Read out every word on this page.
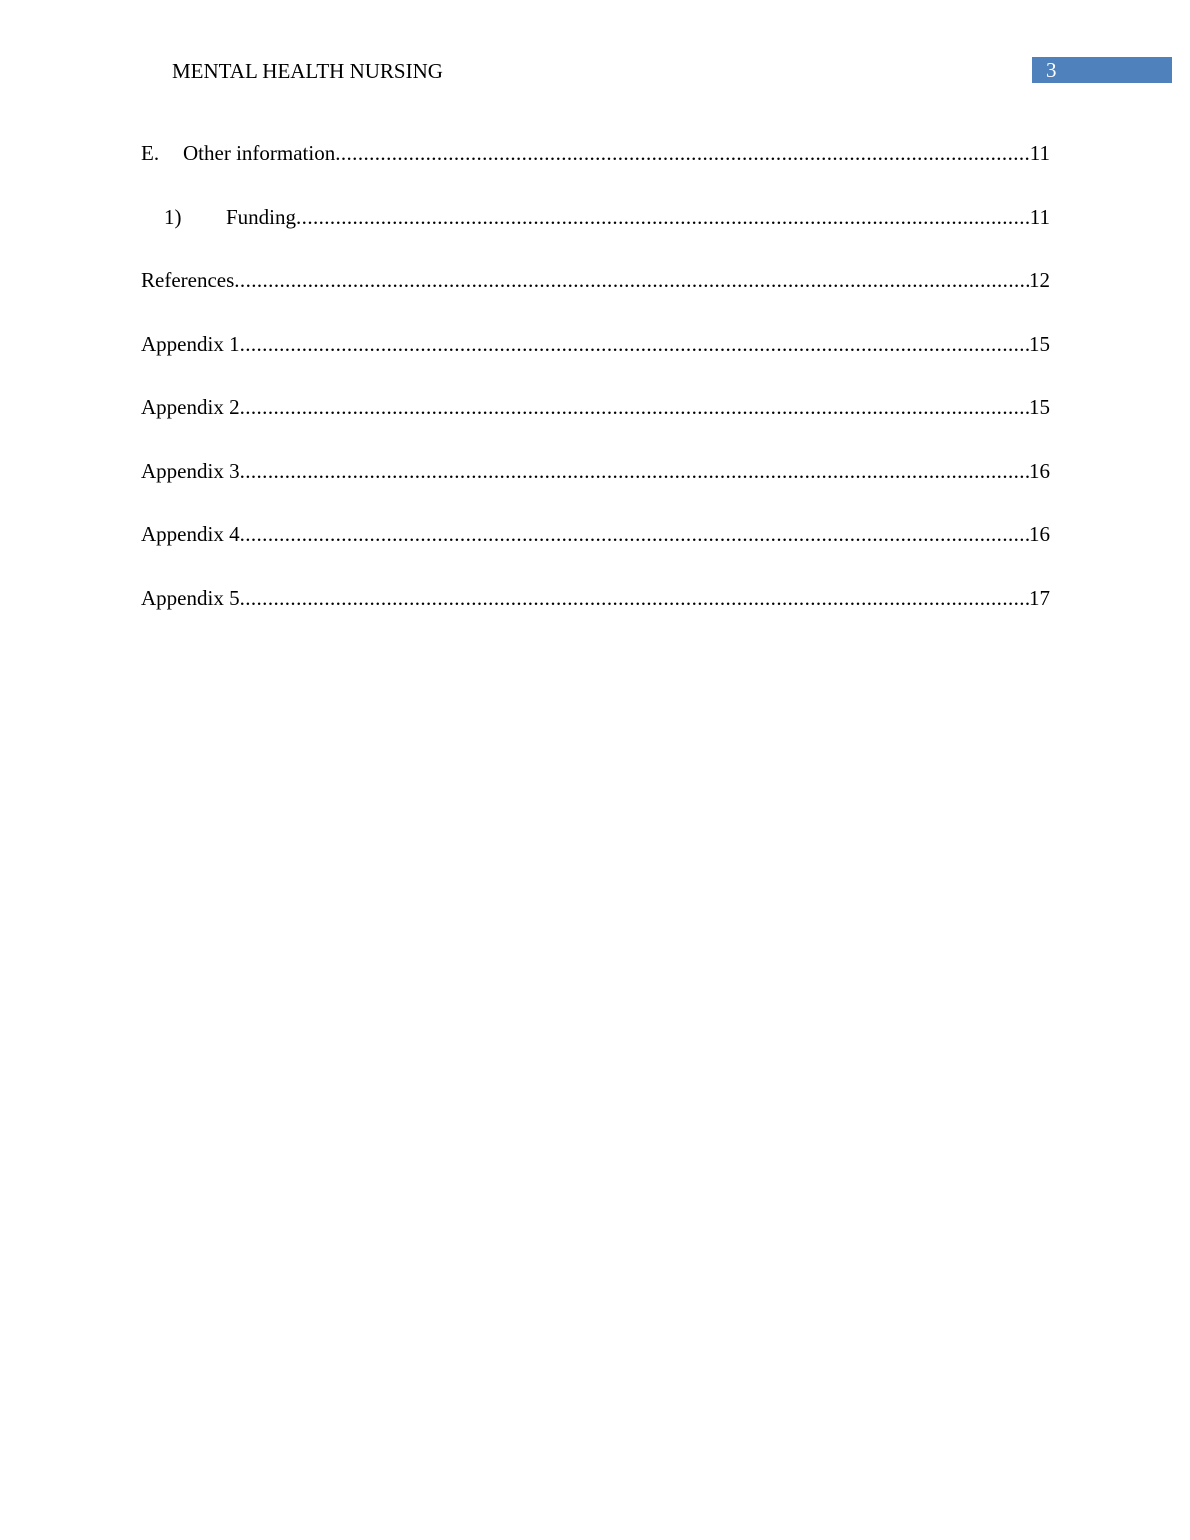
MENTAL HEALTH NURSING	3
E.	Other information .....	11
1)	Funding .....	11
References .....	12
Appendix 1 .....	15
Appendix 2 .....	15
Appendix 3 .....	16
Appendix 4 .....	16
Appendix 5 .....	17
